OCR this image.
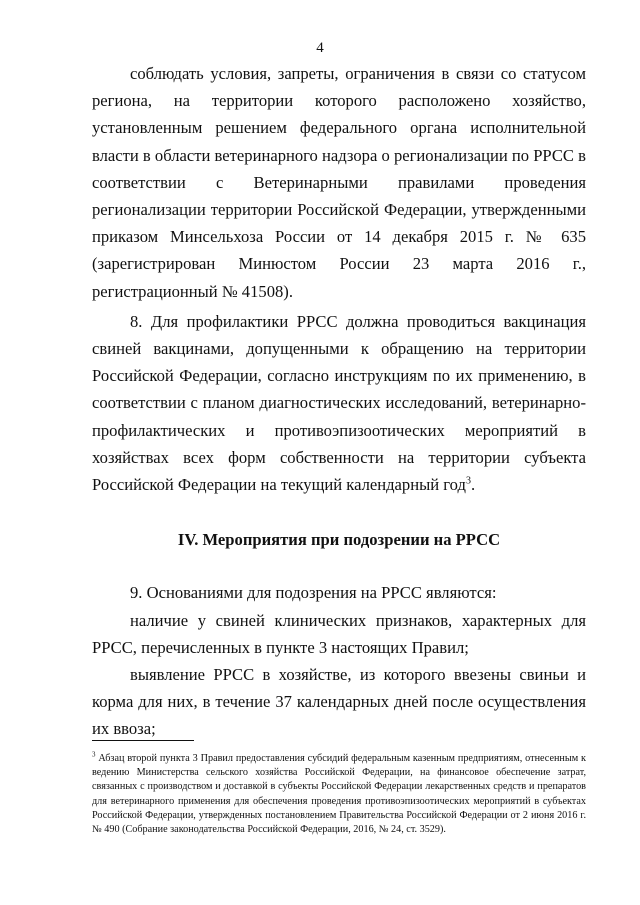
4

соблюдать условия, запреты, ограничения в связи со статусом региона, на территории которого расположено хозяйство, установленным решением федерального органа исполнительной власти в области ветеринарного надзора о регионализации по РРСС в соответствии с Ветеринарными правилами проведения регионализации территории Российской Федерации, утвержденными приказом Минсельхоза России от 14 декабря 2015 г. № 635 (зарегистрирован Минюстом России 23 марта 2016 г., регистрационный № 41508).

8. Для профилактики РРСС должна проводиться вакцинация свиней вакцинами, допущенными к обращению на территории Российской Федерации, согласно инструкциям по их применению, в соответствии с планом диагностических исследований, ветеринарно-профилактических и противоэпизоотических мероприятий в хозяйствах всех форм собственности на территории субъекта Российской Федерации на текущий календарный год$^3$.

IV. Мероприятия при подозрении на РРСС

9. Основаниями для подозрения на РРСС являются:

наличие у свиней клинических признаков, характерных для РРСС, перечисленных в пункте 3 настоящих Правил;

выявление РРСС в хозяйстве, из которого ввезены свиньи и корма для них, в течение 37 календарных дней после осуществления их ввоза;

$^3$ Абзац второй пункта 3 Правил предоставления субсидий федеральным казенным предприятиям, отнесенным к ведению Министерства сельского хозяйства Российской Федерации, на финансовое обеспечение затрат, связанных с производством и доставкой в субъекты Российской Федерации лекарственных средств и препаратов для ветеринарного применения для обеспечения проведения противоэпизоотических мероприятий в субъектах Российской Федерации, утвержденных постановлением Правительства Российской Федерации от 2 июня 2016 г. № 490 (Собрание законодательства Российской Федерации, 2016, № 24, ст. 3529).
